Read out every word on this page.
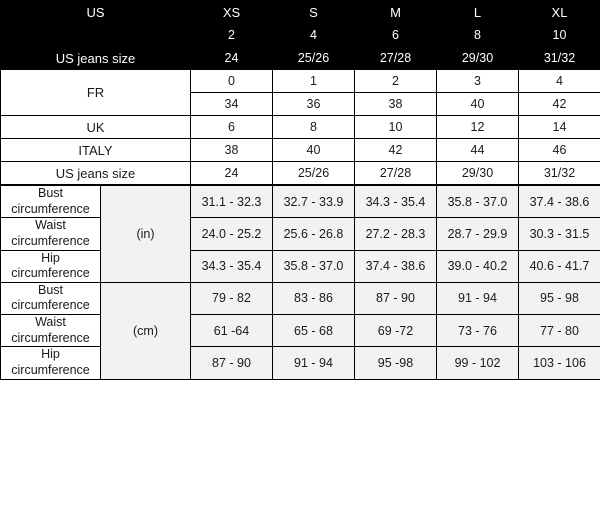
US	XS	S	M	L	XL
	2	4	6	8	10
US jeans size	24	25/26	27/28	29/30	31/32
FR	0	1	2	3	4
	34	36	38	40	42
UK	6	8	10	12	14
ITALY	38	40	42	44	46
US jeans size	24	25/26	27/28	29/30	31/32
Bust circumference	(in)	31.1 - 32.3	32.7 - 33.9	34.3 - 35.4	35.8 - 37.0	37.4 - 38.6
Waist circumference		24.0 - 25.2	25.6 - 26.8	27.2 - 28.3	28.7 - 29.9	30.3 - 31.5
Hip circumference		34.3 - 35.4	35.8 - 37.0	37.4 - 38.6	39.0 - 40.2	40.6 - 41.7
Bust circumference	(cm)	79 - 82	83 - 86	87 - 90	91 - 94	95 - 98
Waist circumference		61 -64	65 - 68	69 -72	73 - 76	77 - 80
Hip circumference		87 - 90	91 - 94	95 -98	99 - 102	103 - 106
